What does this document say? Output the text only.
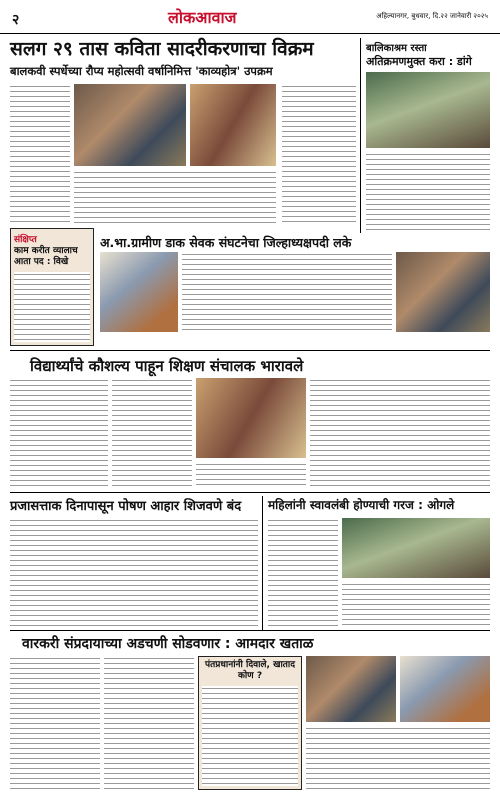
२	लोकआवाज	अहिल्यानगर, बुधवार, दि.२२ जानेवारी २०२५
सलग २९ तास कविता सादरीकरणाचा विक्रम
बालकवी स्पर्धेच्या रौप्य महोत्सवी वर्षानिमित्त 'काव्यहोत्र' उपक्रम
बालिकाश्रम रस्ता
अतिक्रमणमुक्त करा : डांगे
संक्षिप्त
काम करीत व्यालाच आता पद : विखे
अ.भा.ग्रामीण डाक सेवक संघटनेचा जिल्हाध्यक्षपदी लके
विद्यार्थ्यांचे कौशल्य पाहून शिक्षण संचालक भारावले
प्रजासत्ताक दिनापासून पोषण आहार शिजवणे बंद महिलांनी स्वावलंबी होण्याची गरज : ओगले
वारकरी संप्रदायाच्या अडचणी सोडवणार : आमदार खताळ
पंतप्रधानांनी दिवाले, खाताद कोण ?
